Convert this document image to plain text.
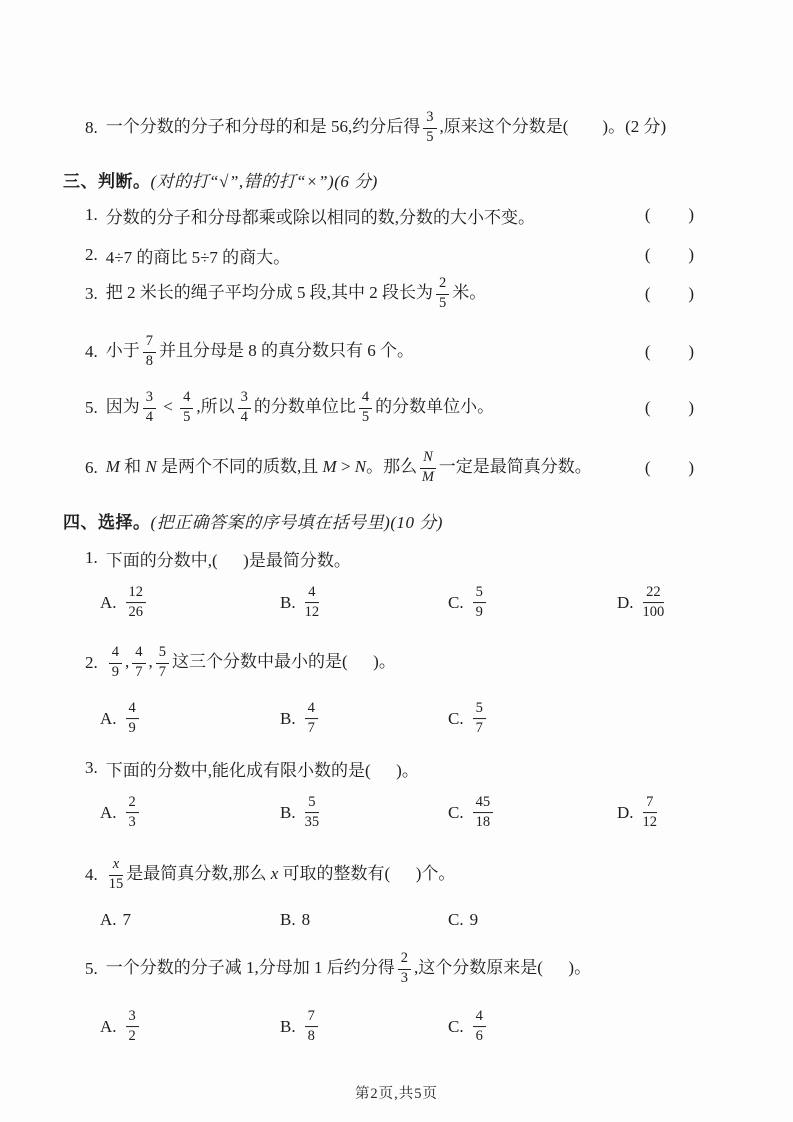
8. 一个分数的分子和分母的和是 56,约分后得 $\frac{3}{5}$ ,原来这个分数是(        )。(2 分)
三、判断。 (对的打“√”,错的打“×”)(6 分)
1. 分数的分子和分母都乘或除以相同的数,分数的大小不变。	(       )
2. 4÷7 的商比 5÷7 的商大。	(       )
3. 把 2 米长的绳子平均分成 5 段,其中 2 段长为 $\frac{2}{5}$ 米。	(       )
4. 小于 $\frac{7}{8}$ 并且分母是 8 的真分数只有 6 个。	(       )
5. 因为 $\frac{3}{4} < \frac{4}{5}$ ,所以 $\frac{3}{4}$ 的分数单位比 $\frac{4}{5}$ 的分数单位小。	(       )
6. M 和 N 是两个不同的质数,且 M > N。那么 $\frac{N}{M}$ 一定是最简真分数。	(       )
四、选择。 (把正确答案的序号填在括号里)(10 分)
1. 下面的分数中,(      )是最简分数。
A. $\frac{12}{26}$	B. $\frac{4}{12}$	C. $\frac{5}{9}$	D. $\frac{22}{100}$
2. $\frac{4}{9}$ , $\frac{4}{7}$ , $\frac{5}{7}$ 这三个分数中最小的是(      )。
A. $\frac{4}{9}$	B. $\frac{4}{7}$	C. $\frac{5}{7}$
3. 下面的分数中,能化成有限小数的是(      )。
A. $\frac{2}{3}$	B. $\frac{5}{35}$	C. $\frac{45}{18}$	D. $\frac{7}{12}$
4. $\frac{x}{15}$ 是最简真分数,那么 x 可取的整数有(      )个。
A. 7	B. 8	C. 9
5. 一个分数的分子减 1,分母加 1 后约分得 $\frac{2}{3}$ ,这个分数原来是(      )。
A. $\frac{3}{2}$	B. $\frac{7}{8}$	C. $\frac{4}{6}$
第2页,共5页
